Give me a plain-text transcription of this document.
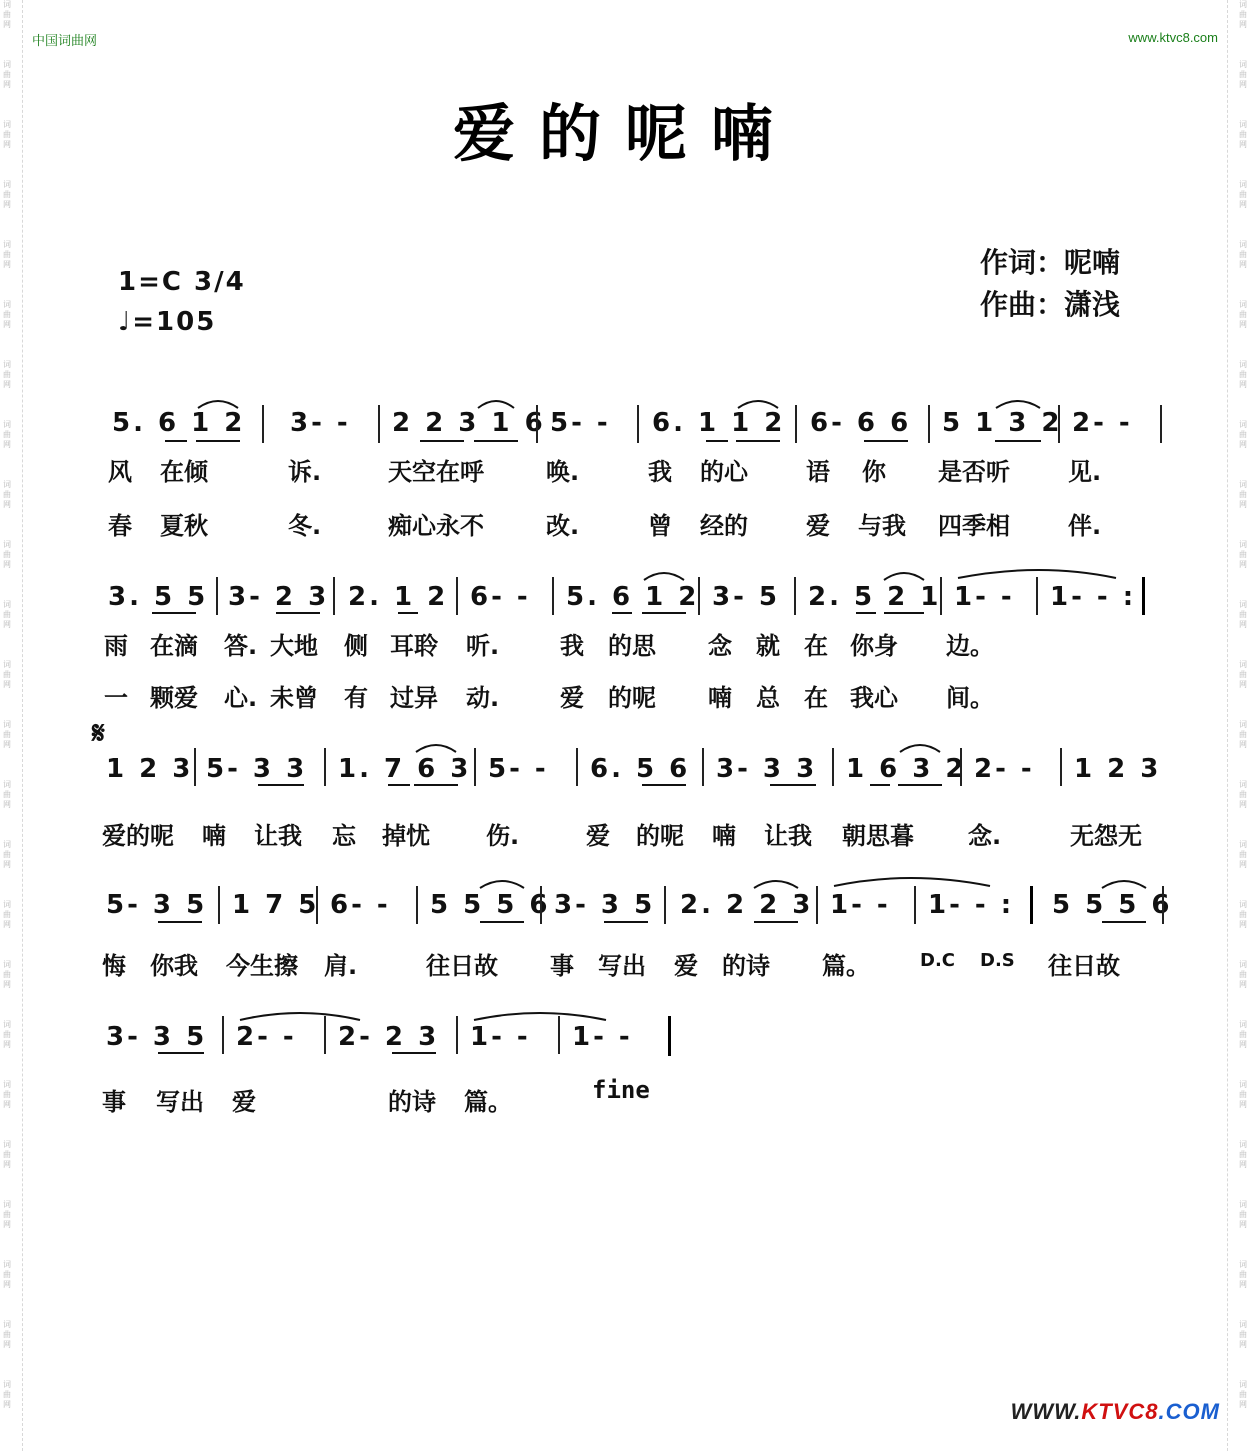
词
曲
网
词
曲
网
词
曲
网
词
曲
网
词
曲
网
词
曲
网
词
曲
网
词
曲
网
词
曲
网
词
曲
网
词
曲
网
词
曲
网
词
曲
网
词
曲
网
词
曲
网
词
曲
网
词
曲
网
词
曲
网
词
曲
网
词
曲
网
词
曲
网
词
曲
网
词
曲
网
词
曲
网
词
曲
网
词
曲
网
词
曲
网
词
曲
网
词
曲
网
词
曲
网
词
曲
网
词
曲
网
词
曲
网
词
曲
网
词
曲
网
词
曲
网
词
曲
网
词
曲
网
词
曲
网
词
曲
网
词
曲
网
词
曲
网
词
曲
网
词
曲
网
词
曲
网
词
曲
网
词
曲
网
词
曲
网
中国词曲网	www.ktvc8.com
爱的呢喃
1=C 3/4
♩=105
作词：呢喃
作曲：潇浅
5. 6 1 2 3- - 2 2 3 1 6 5- - 6. 1 1 2 6- 6 6 5 1 3 2 2- -
风 在倾	诉.	天空在呼	唤.	我 的心 语 你 是否听 见.
春 夏秋	冬.	痴心永不	改.	曾 经的 爱 与我 四季相 伴.
3. 5 5 3- 2 3 2. 1 2 6- - 5. 6 1 2 3- 5 2. 5 2 1 1- - 1- - :
雨 在滴 答. 大地 侧 耳聆 听.	我 的思 念 就 在 你身 边。
一 颗爱 心. 未曾 有 过异 动.	爱 的呢 喃 总 在 我心 间。
𝄋
1 2 3 5- 3 3 1. 7 6 3 5- - 6. 5 6 3- 3 3 1 6 3 2 2- - 1 2 3
爱的呢 喃 让我 忘 掉忧 伤.	爱 的呢 喃 让我 朝思暮 念.	无怨无
5- 3 5 1 7 5 6- - 5 5 5 6 3- 3 5 2. 2 2 3 1- - 1- - : 5 5 5 6
悔 你我 今生擦 肩.	往日故 事 写出 爱 的诗 篇。	D.C D.S 往日故
3- 3 5 2- - 2- 2 3 1- - 1- -
事 写出 爱	的诗 篇。	fine
WWW.KTVC8.COM
